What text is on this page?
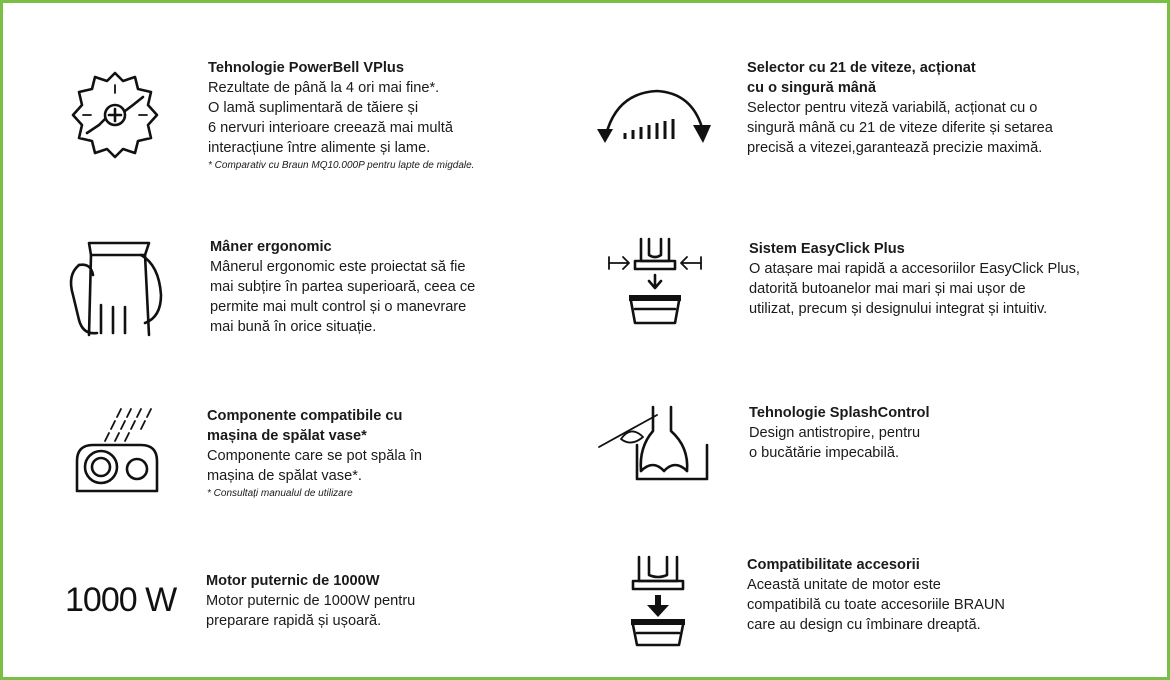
Tehnologie PowerBell VPlus
Rezultate de până la 4 ori mai fine*.
O lamă suplimentară de tăiere și
6 nervuri interioare creează mai multă
interacțiune între alimente și lame.
* Comparativ cu Braun MQ10.000P pentru lapte de migdale.
Mâner ergonomic
Mânerul ergonomic este proiectat să fie
mai subțire în partea superioară, ceea ce
permite mai mult control și o manevrare
mai bună în orice situație.
Componente compatibile cu
mașina de spălat vase*
Componente care se pot spăla în
mașina de spălat vase*.
* Consultați manualul de utilizare
1000 W Motor puternic de 1000W
Motor puternic de 1000W pentru
preparare rapidă și ușoară.
Selector cu 21 de viteze, acționat
cu o singură mână
Selector pentru viteză variabilă, acționat cu o
singură mână cu 21 de viteze diferite și setarea
precisă a vitezei,garantează precizie maximă.
Sistem EasyClick Plus
O atașare mai rapidă a accesoriilor EasyClick Plus,
datorită butoanelor mai mari și mai ușor de
utilizat, precum și designului integrat și intuitiv.
Tehnologie SplashControl
Design antistropire, pentru
o bucătărie impecabilă.
Compatibilitate accesorii
Această unitate de motor este
compatibilă cu toate accesoriile BRAUN
care au design cu îmbinare dreaptă.
